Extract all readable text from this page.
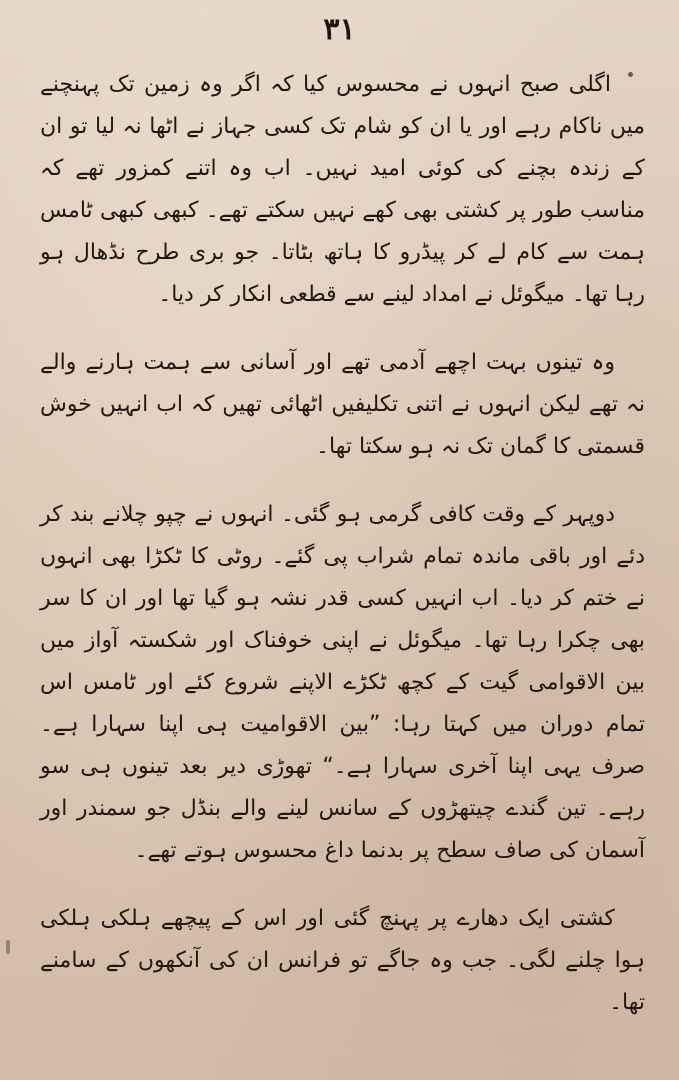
۳۱

اگلی صبح انہوں نے محسوس کیا کہ اگر وہ زمین تک پہنچنے میں ناکام رہے اور یا ان کو شام تک کسی جہاز نے اٹھا نہ لیا تو ان کے زندہ بچنے کی کوئی امید نہیں۔ اب وہ اتنے کمزور تھے کہ مناسب طور پر کشتی بھی کھے نہیں سکتے تھے۔ کبھی کبھی ٹامس ہمت سے کام لے کر پیڈرو کا ہاتھ بٹاتا۔ جو بری طرح نڈھال ہو رہا تھا۔ میگوئل نے امداد لینے سے قطعی انکار کر دیا۔

وہ تینوں بہت اچھے آدمی تھے اور آسانی سے ہمت ہارنے والے نہ تھے لیکن انہوں نے اتنی تکلیفیں اٹھائی تھیں کہ اب انہیں خوش قسمتی کا گمان تک نہ ہو سکتا تھا۔

دوپہر کے وقت کافی گرمی ہو گئی۔ انہوں نے چپو چلانے بند کر دئے اور باقی ماندہ تمام شراب پی گئے۔ روٹی کا ٹکڑا بھی انہوں نے ختم کر دیا۔ اب انہیں کسی قدر نشہ ہو گیا تھا اور ان کا سر بھی چکرا رہا تھا۔ میگوئل نے اپنی خوفناک اور شکستہ آواز میں بین الاقوامی گیت کے کچھ ٹکڑے الاپنے شروع کئے اور ٹامس اس تمام دوران میں کہتا رہا: ”بین الاقوامیت ہی اپنا سہارا ہے۔ صرف یہی اپنا آخری سہارا ہے۔“ تھوڑی دیر بعد تینوں ہی سو رہے۔ تین گندے چیتھڑوں کے سانس لینے والے بنڈل جو سمندر اور آسمان کی صاف سطح پر بدنما داغ محسوس ہوتے تھے۔

کشتی ایک دھارے پر پہنچ گئی اور اس کے پیچھے ہلکی ہلکی ہوا چلنے لگی۔ جب وہ جاگے تو فرانس ان کی آنکھوں کے سامنے تھا۔
